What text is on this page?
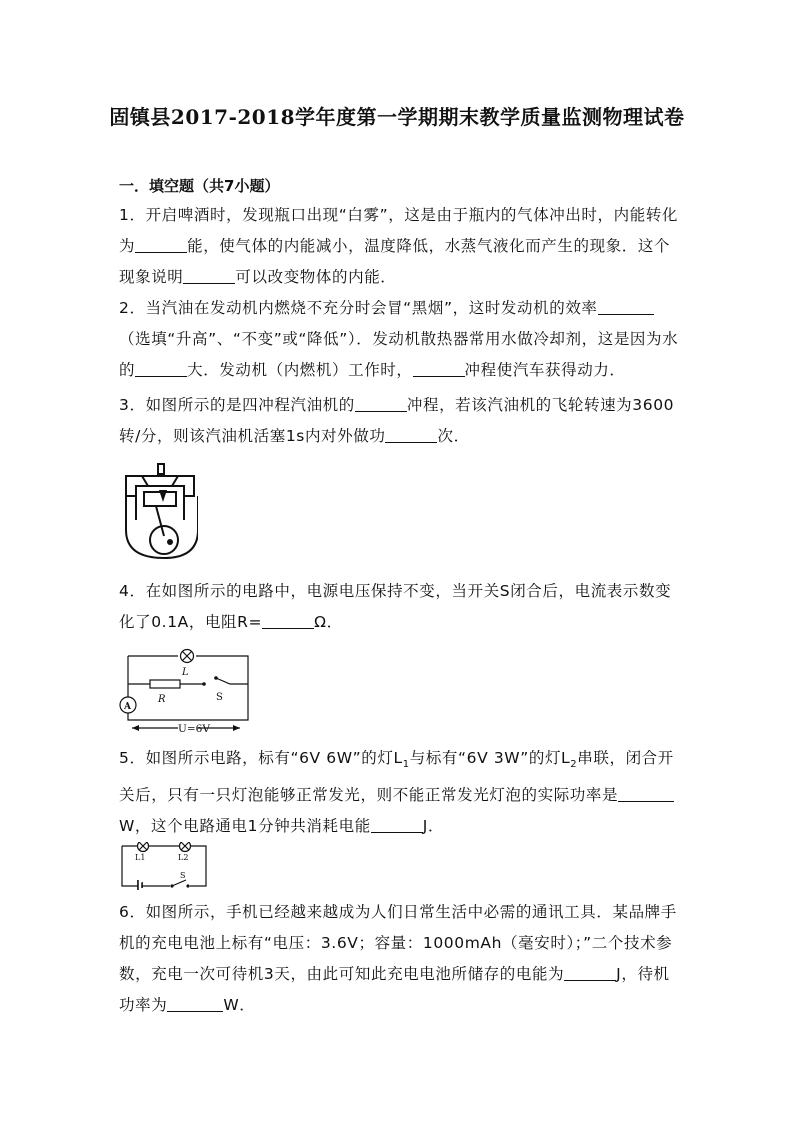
固镇县2017-2018学年度第一学期期末教学质量监测物理试卷
一．填空题（共7小题）
1．开启啤酒时，发现瓶口出现“白雾”，这是由于瓶内的气体冲出时，内能转化为	能，使气体的内能减小，温度降低，水蒸气液化而产生的现象．这个现象说明	可以改变物体的内能．
2．当汽油在发动机内燃烧不充分时会冒“黑烟”，这时发动机的效率（选填“升高”、“不变”或“降低”）．发动机散热器常用水做冷却剂，这是因为水的	大．发动机（内燃机）工作时，	冲程使汽车获得动力．
3．如图所示的是四冲程汽油机的	冲程，若该汽油机的飞轮转速为3600转/分，则该汽油机活塞1s内对外做功	次．
4．在如图所示的电路中，电源电压保持不变，当开关S闭合后，电流表示数变化了0.1A，电阻R=	Ω．
L
R	S
A
U=6V
5．如图所示电路，标有“6V 6W”的灯$L_1$与标有“6V 3W”的灯$L_2$串联，闭合开关后，只有一只灯泡能够正常发光，则不能正常发光灯泡的实际功率是W，这个电路通电1分钟共消耗电能	J．
L1	L2
S
6．如图所示，手机已经越来越成为人们日常生活中必需的通讯工具．某品牌手机的充电电池上标有“电压：3.6V；容量：1000mAh（毫安时）；”二个技术参数，充电一次可待机3天，由此可知此充电电池所储存的电能为	J，待机功率为	W．
